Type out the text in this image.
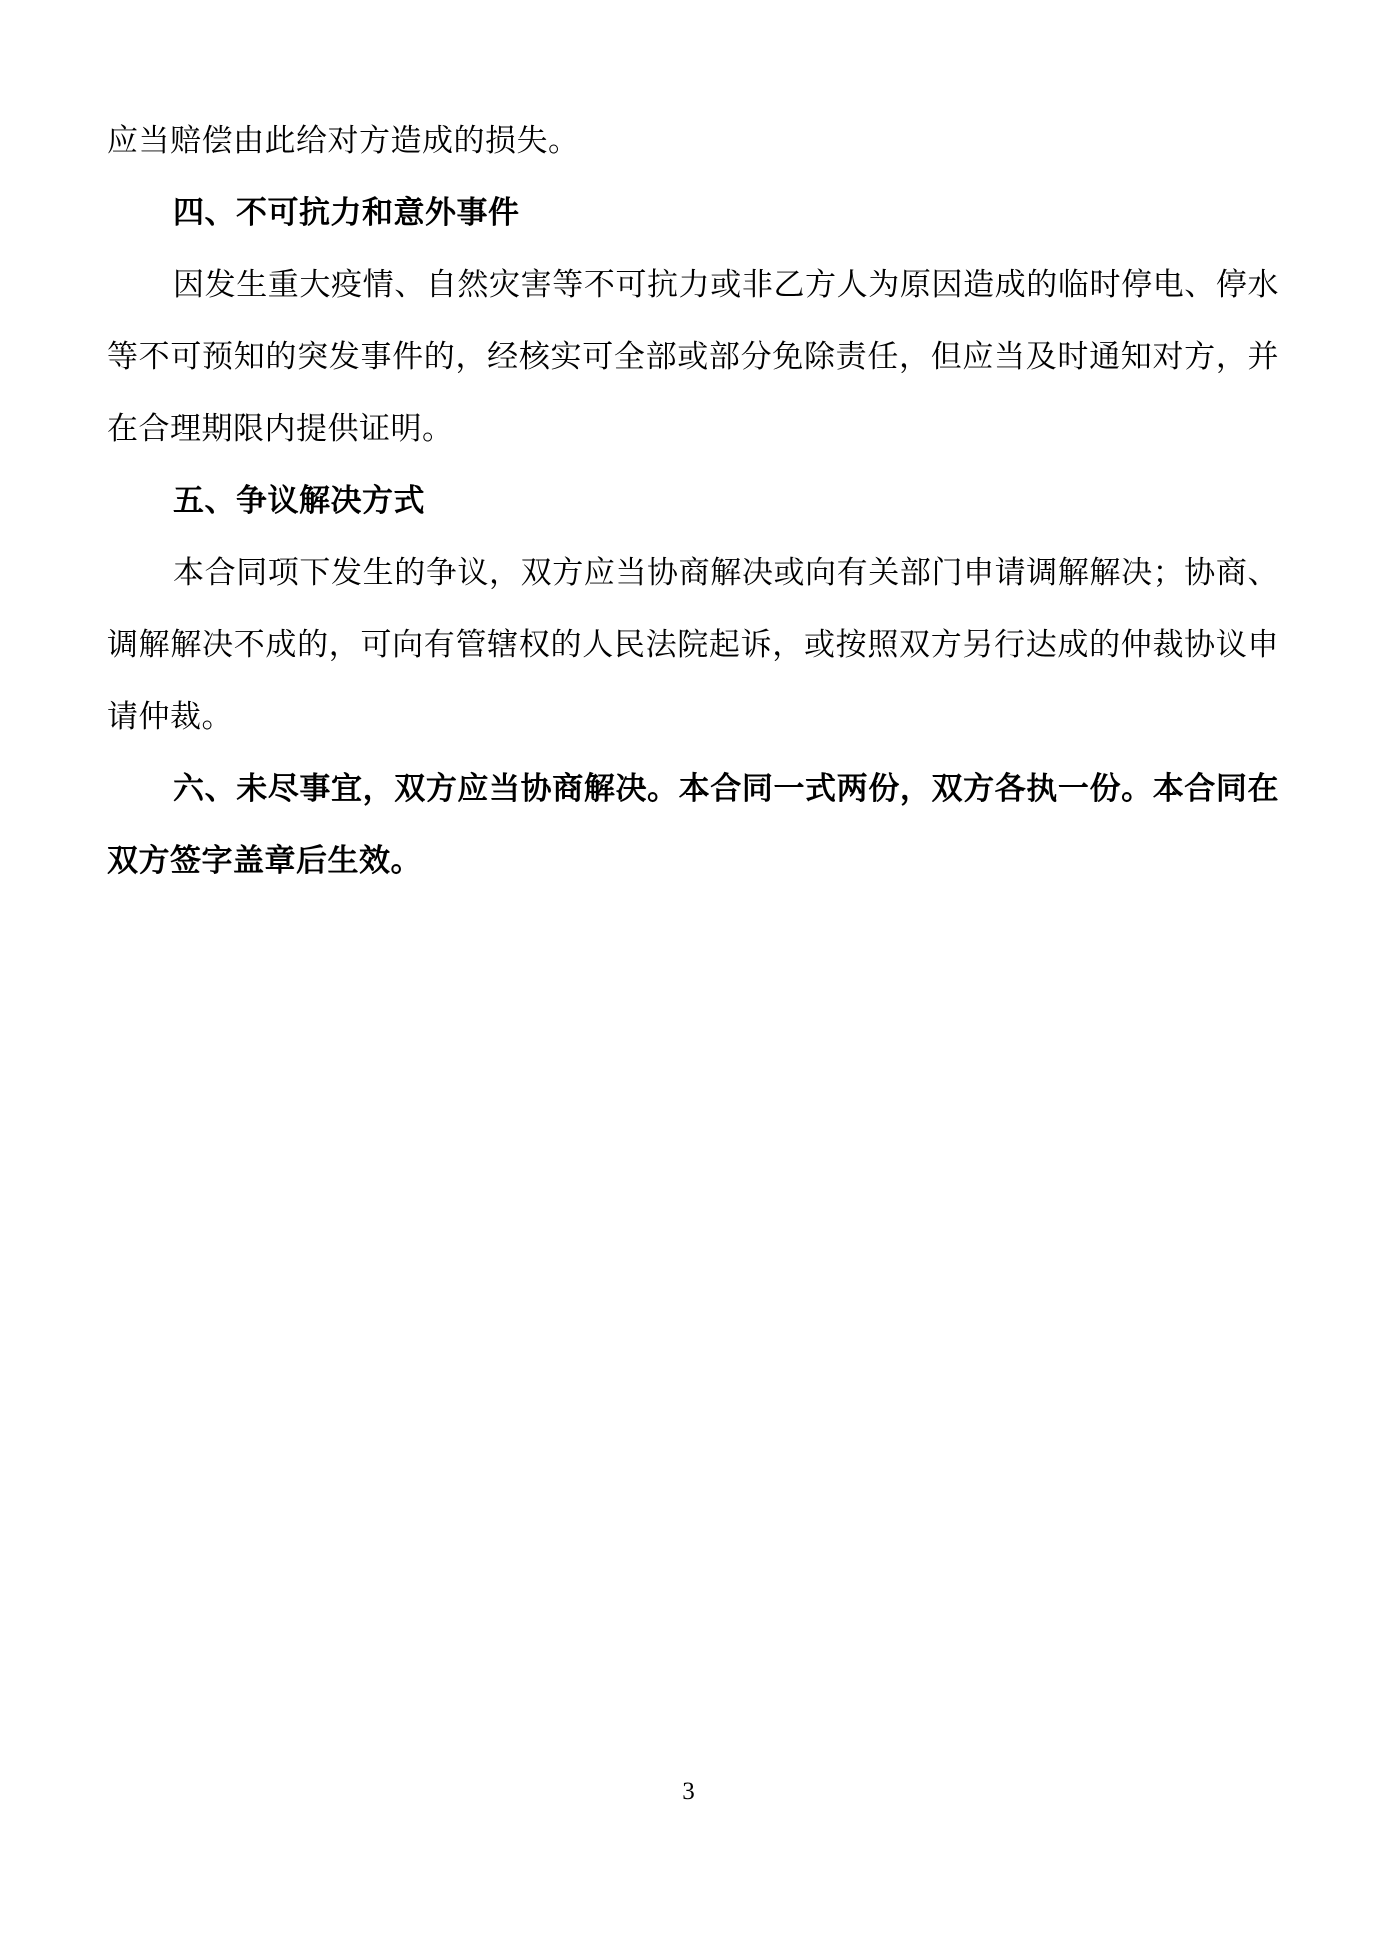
应当赔偿由此给对方造成的损失。

四、不可抗力和意外事件

因发生重大疫情、自然灾害等不可抗力或非乙方人为原因造成的临时停电、停水等不可预知的突发事件的，经核实可全部或部分免除责任，但应当及时通知对方，并在合理期限内提供证明。

五、争议解决方式

本合同项下发生的争议，双方应当协商解决或向有关部门申请调解解决；协商、调解解决不成的，可向有管辖权的人民法院起诉，或按照双方另行达成的仲裁协议申请仲裁。

六、未尽事宜，双方应当协商解决。本合同一式两份，双方各执一份。本合同在双方签字盖章后生效。

3
